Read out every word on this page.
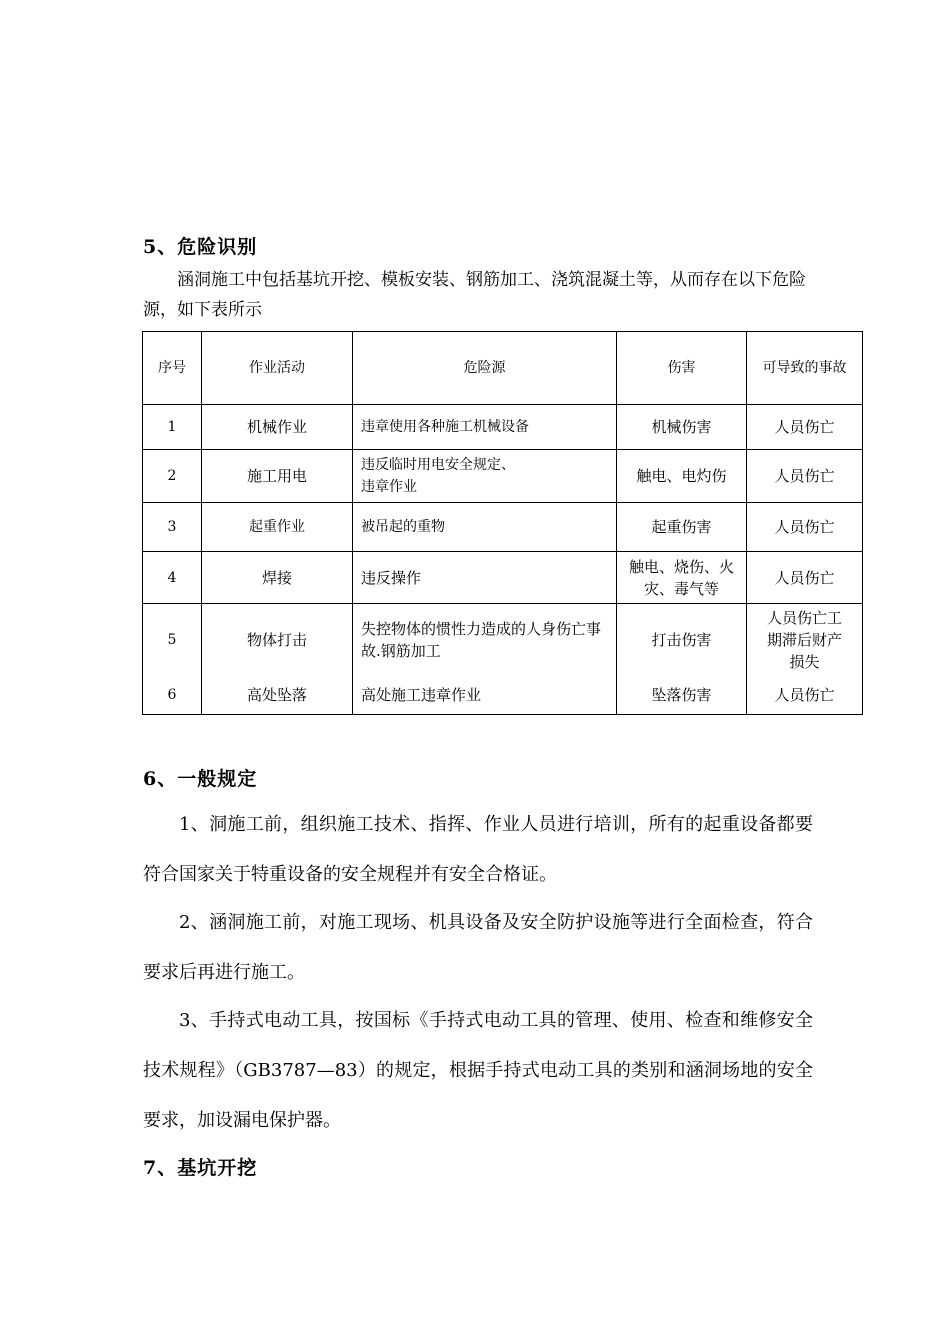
5、危险识别
涵洞施工中包括基坑开挖、模板安装、钢筋加工、浇筑混凝土等，从而存在以下危险源，如下表所示
序号	作业活动	危险源	伤害	可导致的事故
1	机械作业	违章使用各种施工机械设备	机械伤害	人员伤亡
2	施工用电	违反临时用电安全规定、违章作业	触电、电灼伤	人员伤亡
3	起重作业	被吊起的重物	起重伤害	人员伤亡
4	焊接	违反操作	触电、烧伤、火灾、毒气等	人员伤亡
5	物体打击	失控物体的惯性力造成的人身伤亡事故.钢筋加工	打击伤害	人员伤亡工期滞后财产损失
6	高处坠落	高处施工违章作业	坠落伤害	人员伤亡
6、一般规定
1、洞施工前，组织施工技术、指挥、作业人员进行培训，所有的起重设备都要符合国家关于特重设备的安全规程并有安全合格证。
2、涵洞施工前，对施工现场、机具设备及安全防护设施等进行全面检查，符合要求后再进行施工。
3、手持式电动工具，按国标《手持式电动工具的管理、使用、检查和维修安全技术规程》（GB3787—83）的规定，根据手持式电动工具的类别和涵洞场地的安全要求，加设漏电保护器。
7、基坑开挖
